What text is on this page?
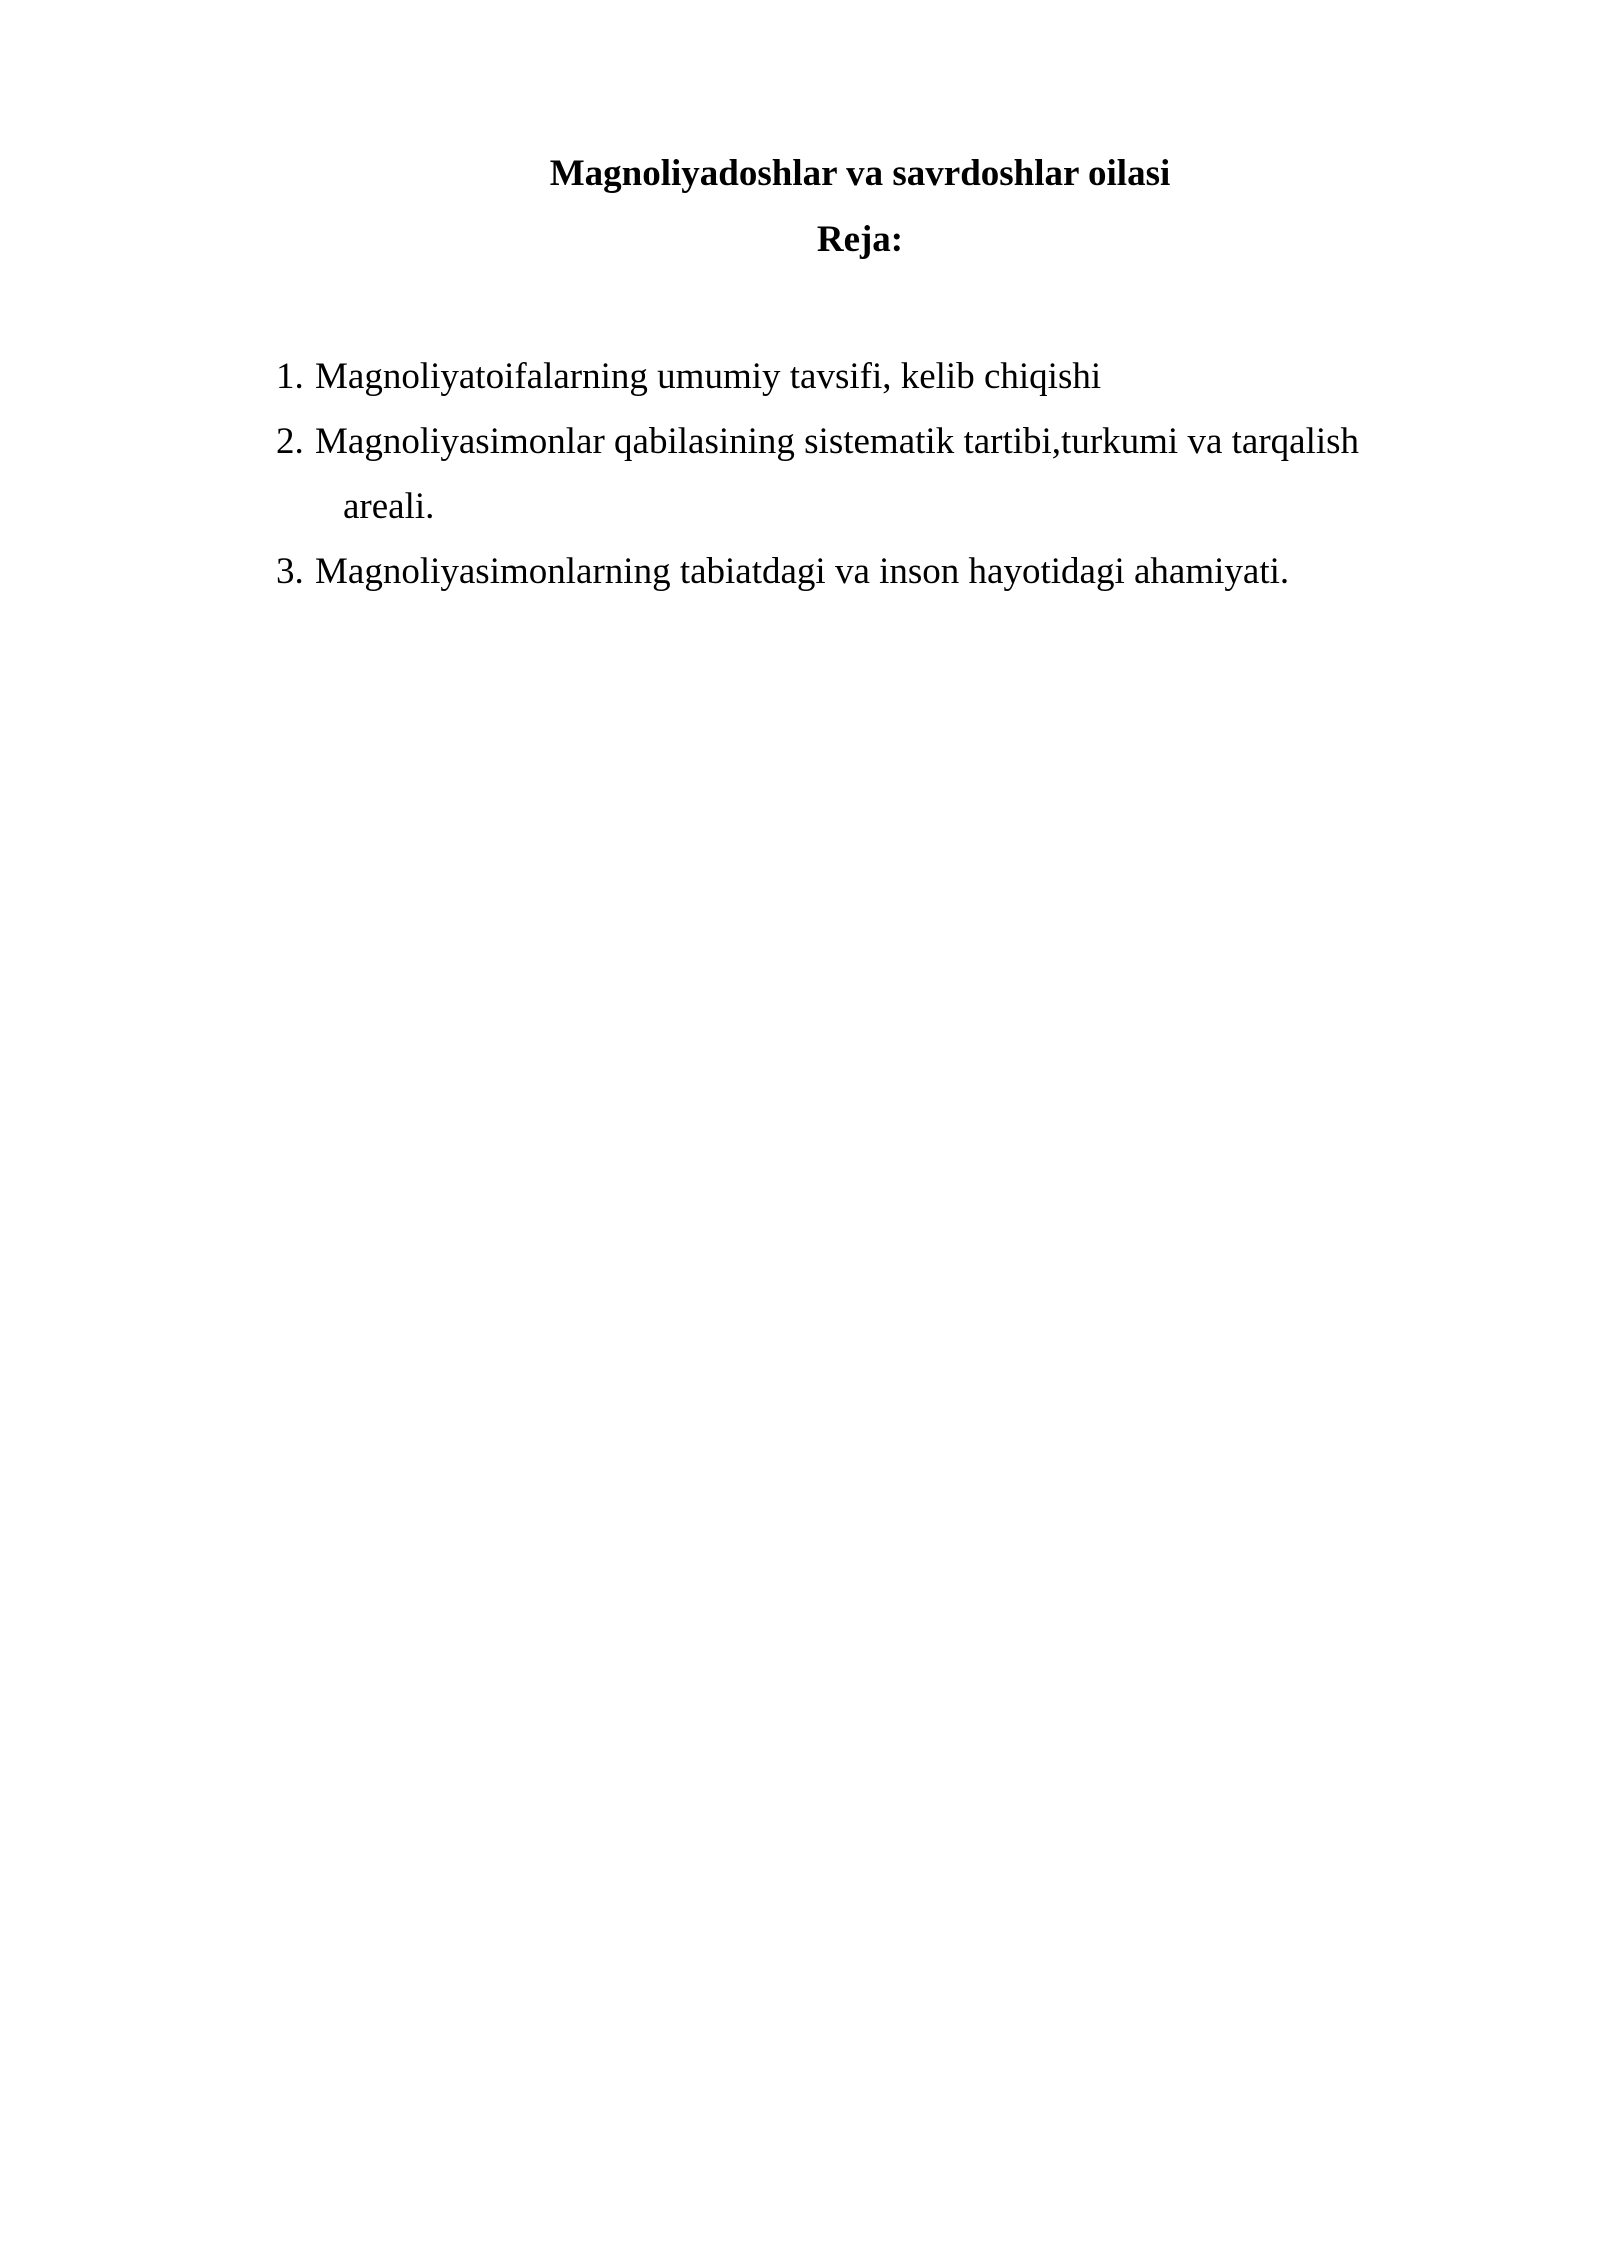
Magnoliyadoshlar va savrdoshlar oilasi
Reja:
1. Magnoliyatoifalarning umumiy tavsifi, kelib chiqishi
2. Magnoliyasimonlar qabilasining sistematik tartibi,turkumi va tarqalish
areali.
3. Magnoliyasimonlarning tabiatdagi va inson hayotidagi ahamiyati.
